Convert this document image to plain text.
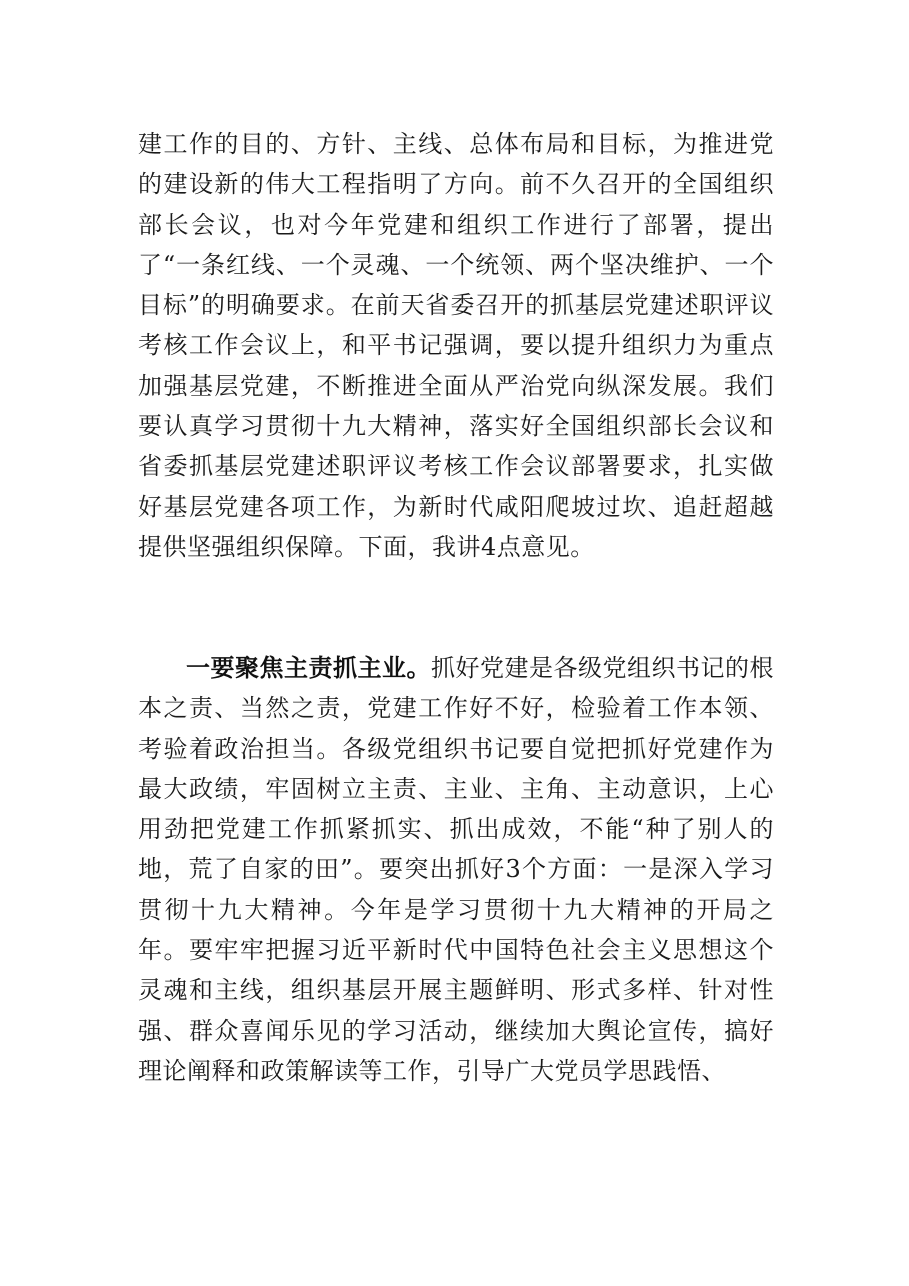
建工作的目的、方针、主线、总体布局和目标，为推进党的建设新的伟大工程指明了方向。前不久召开的全国组织部长会议，也对今年党建和组织工作进行了部署，提出了“一条红线、一个灵魂、一个统领、两个坚决维护、一个目标”的明确要求。在前天省委召开的抓基层党建述职评议考核工作会议上，和平书记强调，要以提升组织力为重点加强基层党建，不断推进全面从严治党向纵深发展。我们要认真学习贯彻十九大精神，落实好全国组织部长会议和省委抓基层党建述职评议考核工作会议部署要求，扎实做好基层党建各项工作，为新时代咸阳爬坡过坎、追赶超越提供坚强组织保障。下面，我讲4点意见。

一要聚焦主责抓主业。抓好党建是各级党组织书记的根本之责、当然之责，党建工作好不好，检验着工作本领、考验着政治担当。各级党组织书记要自觉把抓好党建作为最大政绩，牢固树立主责、主业、主角、主动意识，上心用劲把党建工作抓紧抓实、抓出成效，不能“种了别人的地，荒了自家的田”。要突出抓好3个方面：一是深入学习贯彻十九大精神。今年是学习贯彻十九大精神的开局之年。要牢牢把握习近平新时代中国特色社会主义思想这个灵魂和主线，组织基层开展主题鲜明、形式多样、针对性强、群众喜闻乐见的学习活动，继续加大舆论宣传，搞好理论阐释和政策解读等工作，引导广大党员学思践悟、
